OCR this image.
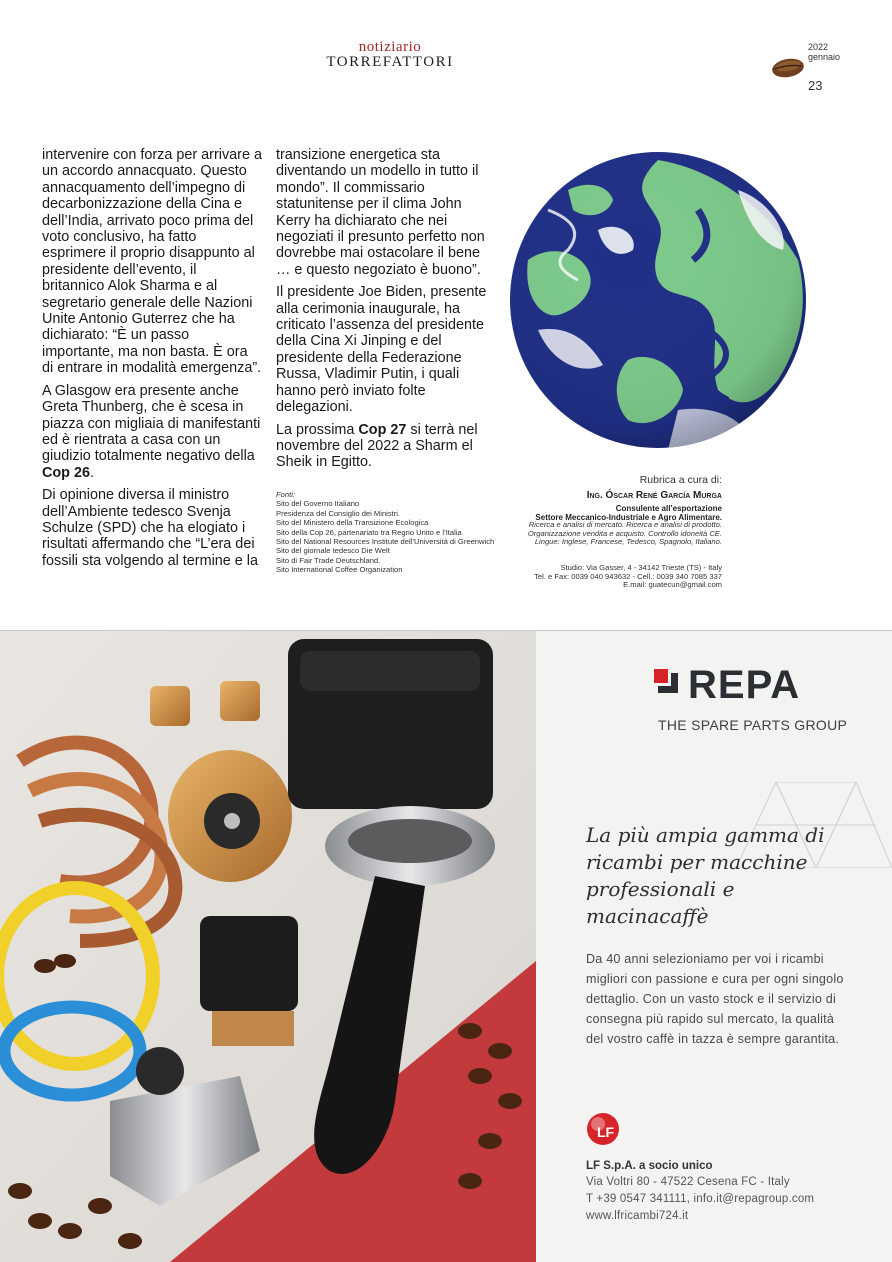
notiziario
TORREFATTORI
2022
gennaio
23

intervenire con forza per arrivare a un accordo annacquato. Questo annacquamento dell’impegno di decarbonizzazione della Cina e dell’India, arrivato poco prima del voto conclusivo, ha fatto esprimere il proprio disappunto al presidente dell’evento, il britannico Alok Sharma e al segretario generale delle Nazioni Unite Antonio Guterrez che ha dichiarato: “È un passo importante, ma non basta. È ora di entrare in modalità emergenza”.

A Glasgow era presente anche Greta Thunberg, che è scesa in piazza con migliaia di manifestanti ed è rientrata a casa con un giudizio totalmente negativo della Cop 26.

Di opinione diversa il ministro dell’Ambiente tedesco Svenja Schulze (SPD) che ha elogiato i risultati affermando che “L’era dei fossili sta volgendo al termine e la

transizione energetica sta diventando un modello in tutto il mondo”. Il commissario statunitense per il clima John Kerry ha dichiarato che nei negoziati il presunto perfetto non dovrebbe mai ostacolare il bene … e questo negoziato è buono”.

Il presidente Joe Biden, presente alla cerimonia inaugurale, ha criticato l’assenza del presidente della Cina Xi Jinping e del presidente della Federazione Russa, Vladimir Putin, i quali hanno però inviato folte delegazioni.

La prossima Cop 27 si terrà nel novembre del 2022 a Sharm el Sheik in Egitto.

Fonti:
Sito del Governo Italiano
Presidenza del Consiglio dei Ministri.
Sito del Ministero della Transizione Ecologica
Sito della Cop 26, partenariato tra Regno Unito e l’Italia
Sito del National Resources Institute dell’Università di Greenwich
Sito del giornale tedesco Die Welt
Sito di Fair Trade Deutschland.
Sito International Coffee Organization
Rubrica a cura di:
Ing. Óscar René García Murga
Consulente all’esportazione
Settore Meccanico-Industriale e Agro Alimentare.
Ricerca e analisi di mercato. Ricerca e analisi di prodotto.
Organizzazione vendita e acquisto. Controllo idoneità CE.
Lingue: Inglese, Francese, Tedesco, Spagnolo, Italiano.
Studio: Via Gasser, 4 - 34142 Trieste (TS) - Italy
Tel. e Fax: 0039 040 943632 - Cell.: 0039 340 7085 337
E.mail: guatecun@gmail.com
REPA
THE SPARE PARTS GROUP
La più ampia gamma di ricambi per macchine professionali e macinacaffè
Da 40 anni selezioniamo per voi i ricambi migliori con passione e cura per ogni singolo dettaglio. Con un vasto stock e il servizio di consegna più rapido sul mercato, la qualità del vostro caffè in tazza è sempre garantita.
LF
LF S.p.A. a socio unico
Via Voltri 80 - 47522 Cesena FC - Italy
T +39 0547 341111, info.it@repagroup.com
www.lfricambi724.it
